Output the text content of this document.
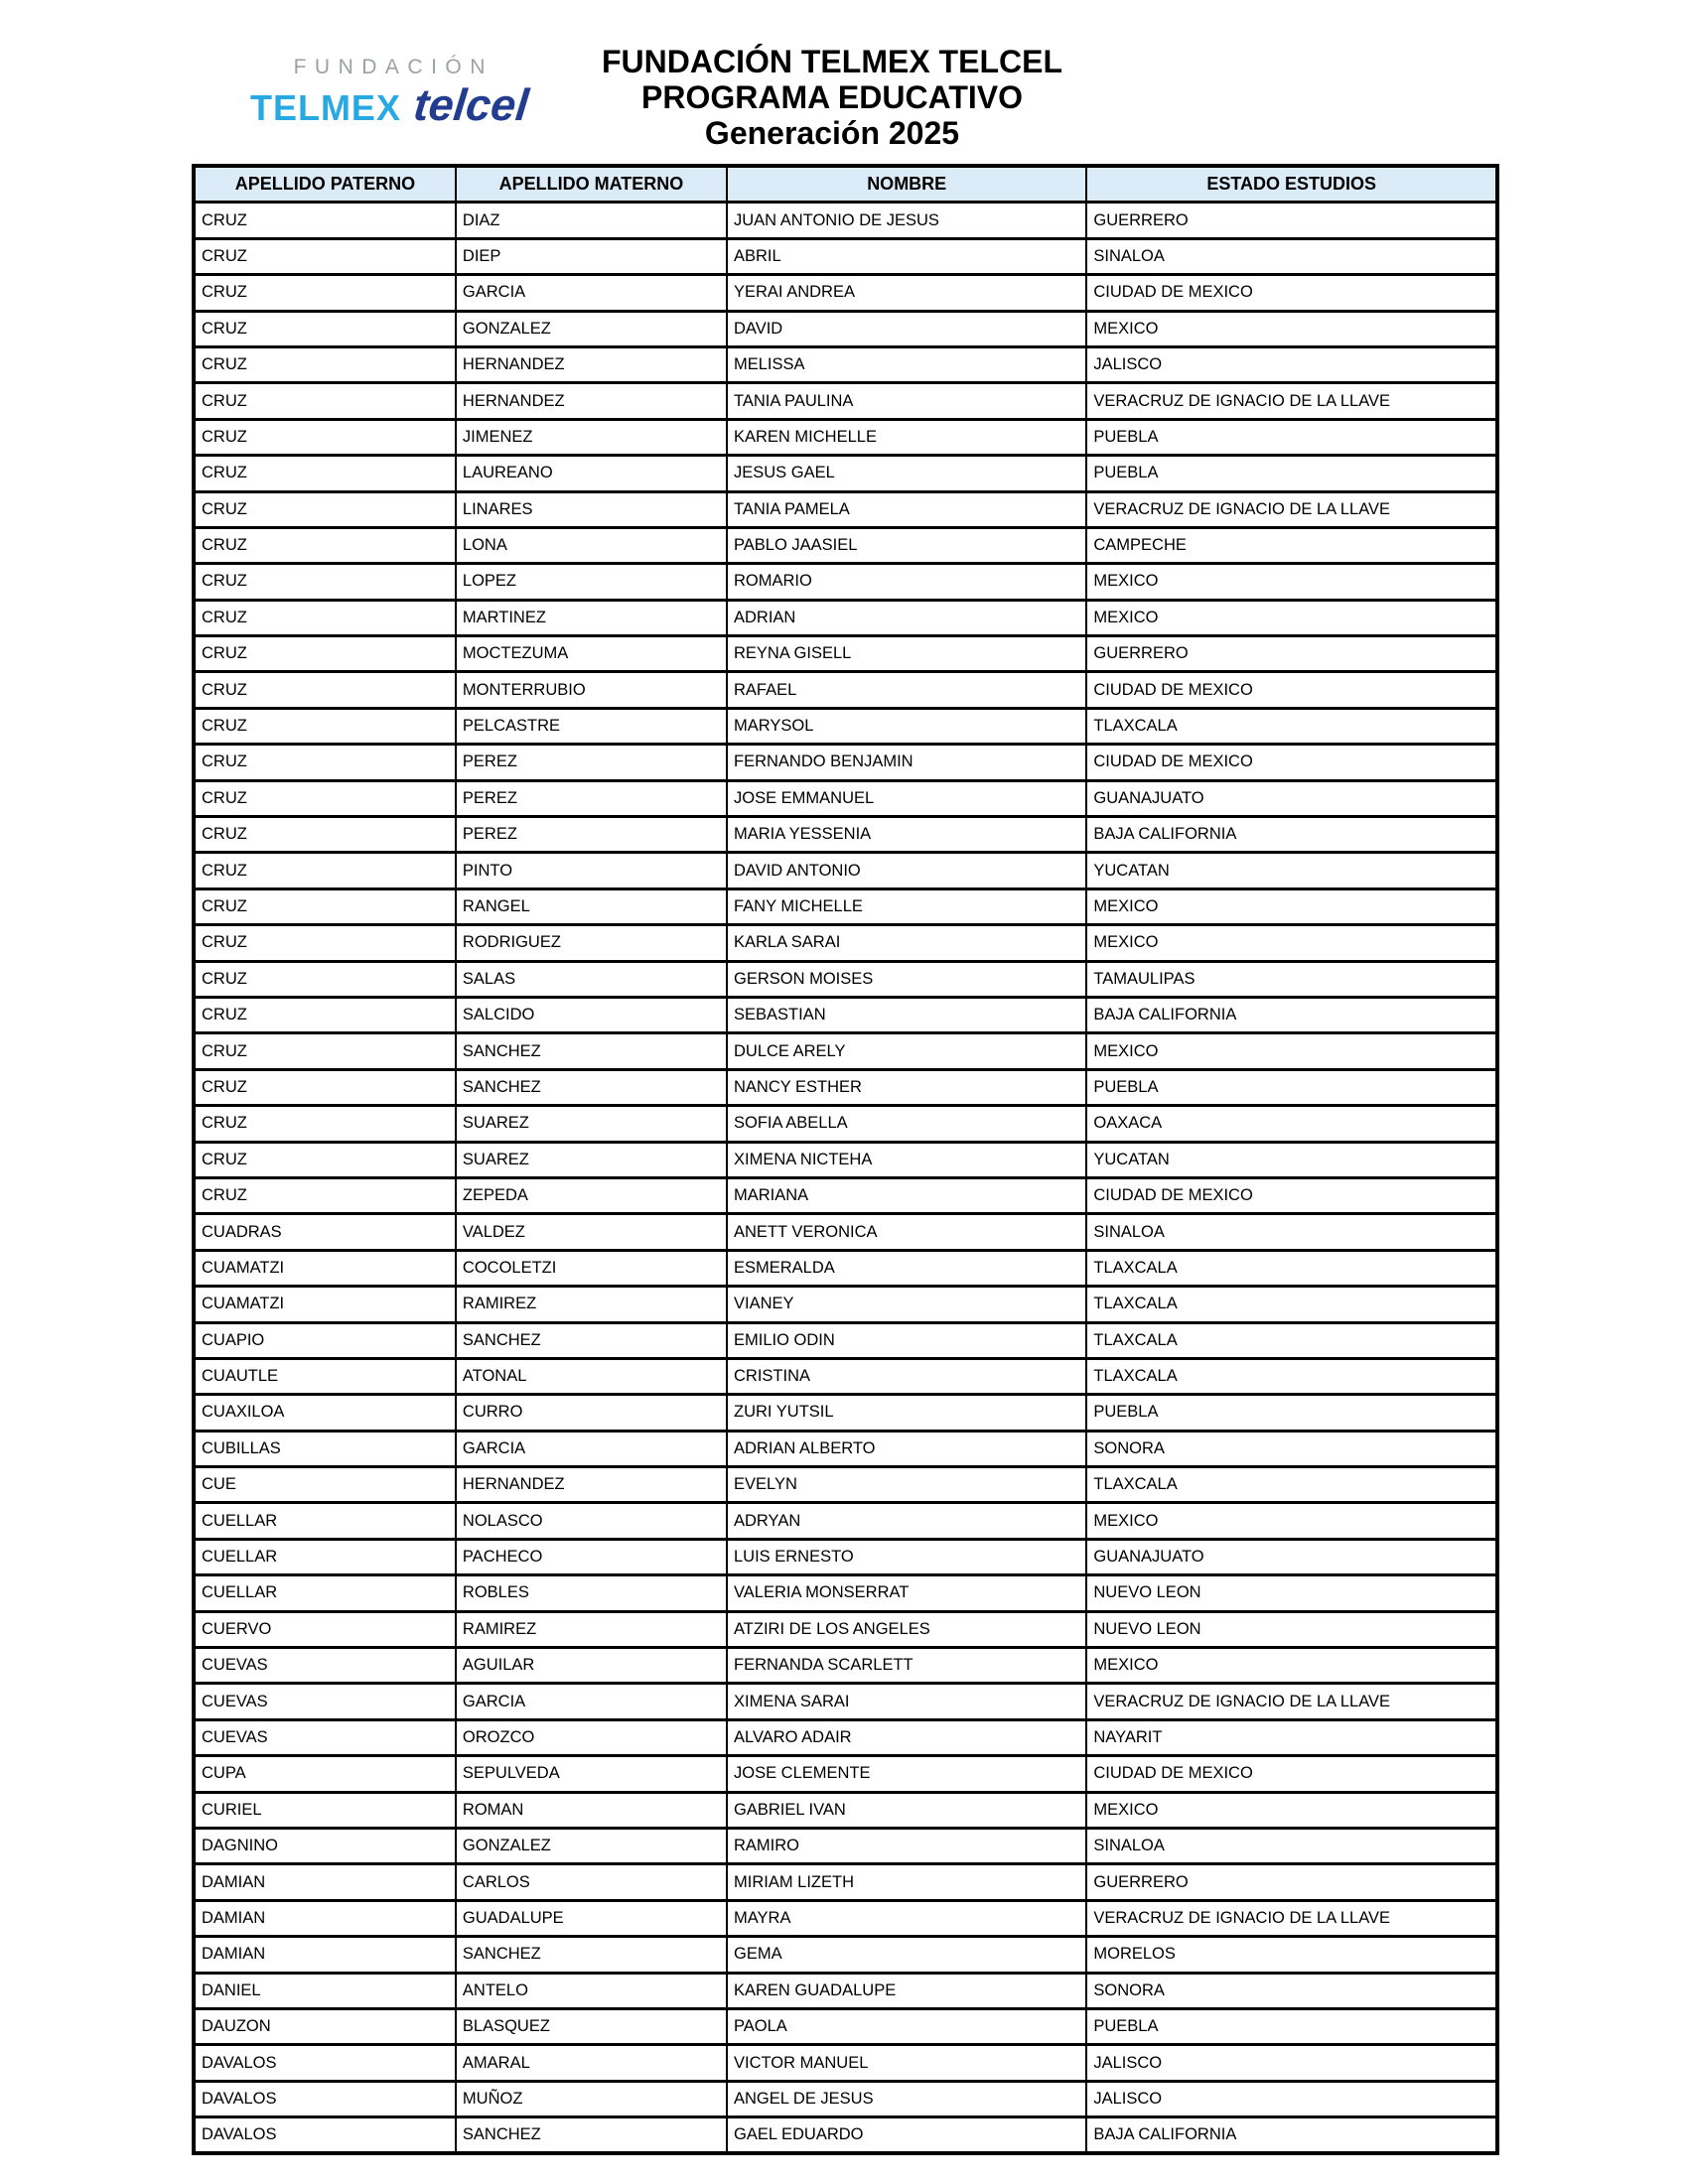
FUNDACIÓN
TELMEX telcel
FUNDACIÓN TELMEX TELCEL
PROGRAMA EDUCATIVO
Generación 2025
APELLIDO PATERNO	APELLIDO MATERNO	NOMBRE	ESTADO ESTUDIOS
CRUZ	DIAZ	JUAN ANTONIO DE JESUS	GUERRERO
CRUZ	DIEP	ABRIL	SINALOA
CRUZ	GARCIA	YERAI ANDREA	CIUDAD DE MEXICO
CRUZ	GONZALEZ	DAVID	MEXICO
CRUZ	HERNANDEZ	MELISSA	JALISCO
CRUZ	HERNANDEZ	TANIA PAULINA	VERACRUZ DE IGNACIO DE LA LLAVE
CRUZ	JIMENEZ	KAREN MICHELLE	PUEBLA
CRUZ	LAUREANO	JESUS GAEL	PUEBLA
CRUZ	LINARES	TANIA PAMELA	VERACRUZ DE IGNACIO DE LA LLAVE
CRUZ	LONA	PABLO JAASIEL	CAMPECHE
CRUZ	LOPEZ	ROMARIO	MEXICO
CRUZ	MARTINEZ	ADRIAN	MEXICO
CRUZ	MOCTEZUMA	REYNA GISELL	GUERRERO
CRUZ	MONTERRUBIO	RAFAEL	CIUDAD DE MEXICO
CRUZ	PELCASTRE	MARYSOL	TLAXCALA
CRUZ	PEREZ	FERNANDO BENJAMIN	CIUDAD DE MEXICO
CRUZ	PEREZ	JOSE EMMANUEL	GUANAJUATO
CRUZ	PEREZ	MARIA YESSENIA	BAJA CALIFORNIA
CRUZ	PINTO	DAVID ANTONIO	YUCATAN
CRUZ	RANGEL	FANY MICHELLE	MEXICO
CRUZ	RODRIGUEZ	KARLA SARAI	MEXICO
CRUZ	SALAS	GERSON MOISES	TAMAULIPAS
CRUZ	SALCIDO	SEBASTIAN	BAJA CALIFORNIA
CRUZ	SANCHEZ	DULCE ARELY	MEXICO
CRUZ	SANCHEZ	NANCY ESTHER	PUEBLA
CRUZ	SUAREZ	SOFIA ABELLA	OAXACA
CRUZ	SUAREZ	XIMENA NICTEHA	YUCATAN
CRUZ	ZEPEDA	MARIANA	CIUDAD DE MEXICO
CUADRAS	VALDEZ	ANETT VERONICA	SINALOA
CUAMATZI	COCOLETZI	ESMERALDA	TLAXCALA
CUAMATZI	RAMIREZ	VIANEY	TLAXCALA
CUAPIO	SANCHEZ	EMILIO ODIN	TLAXCALA
CUAUTLE	ATONAL	CRISTINA	TLAXCALA
CUAXILOA	CURRO	ZURI YUTSIL	PUEBLA
CUBILLAS	GARCIA	ADRIAN ALBERTO	SONORA
CUE	HERNANDEZ	EVELYN	TLAXCALA
CUELLAR	NOLASCO	ADRYAN	MEXICO
CUELLAR	PACHECO	LUIS ERNESTO	GUANAJUATO
CUELLAR	ROBLES	VALERIA MONSERRAT	NUEVO LEON
CUERVO	RAMIREZ	ATZIRI DE LOS ANGELES	NUEVO LEON
CUEVAS	AGUILAR	FERNANDA SCARLETT	MEXICO
CUEVAS	GARCIA	XIMENA SARAI	VERACRUZ DE IGNACIO DE LA LLAVE
CUEVAS	OROZCO	ALVARO ADAIR	NAYARIT
CUPA	SEPULVEDA	JOSE CLEMENTE	CIUDAD DE MEXICO
CURIEL	ROMAN	GABRIEL IVAN	MEXICO
DAGNINO	GONZALEZ	RAMIRO	SINALOA
DAMIAN	CARLOS	MIRIAM LIZETH	GUERRERO
DAMIAN	GUADALUPE	MAYRA	VERACRUZ DE IGNACIO DE LA LLAVE
DAMIAN	SANCHEZ	GEMA	MORELOS
DANIEL	ANTELO	KAREN GUADALUPE	SONORA
DAUZON	BLASQUEZ	PAOLA	PUEBLA
DAVALOS	AMARAL	VICTOR MANUEL	JALISCO
DAVALOS	MUÑOZ	ANGEL DE JESUS	JALISCO
DAVALOS	SANCHEZ	GAEL EDUARDO	BAJA CALIFORNIA
